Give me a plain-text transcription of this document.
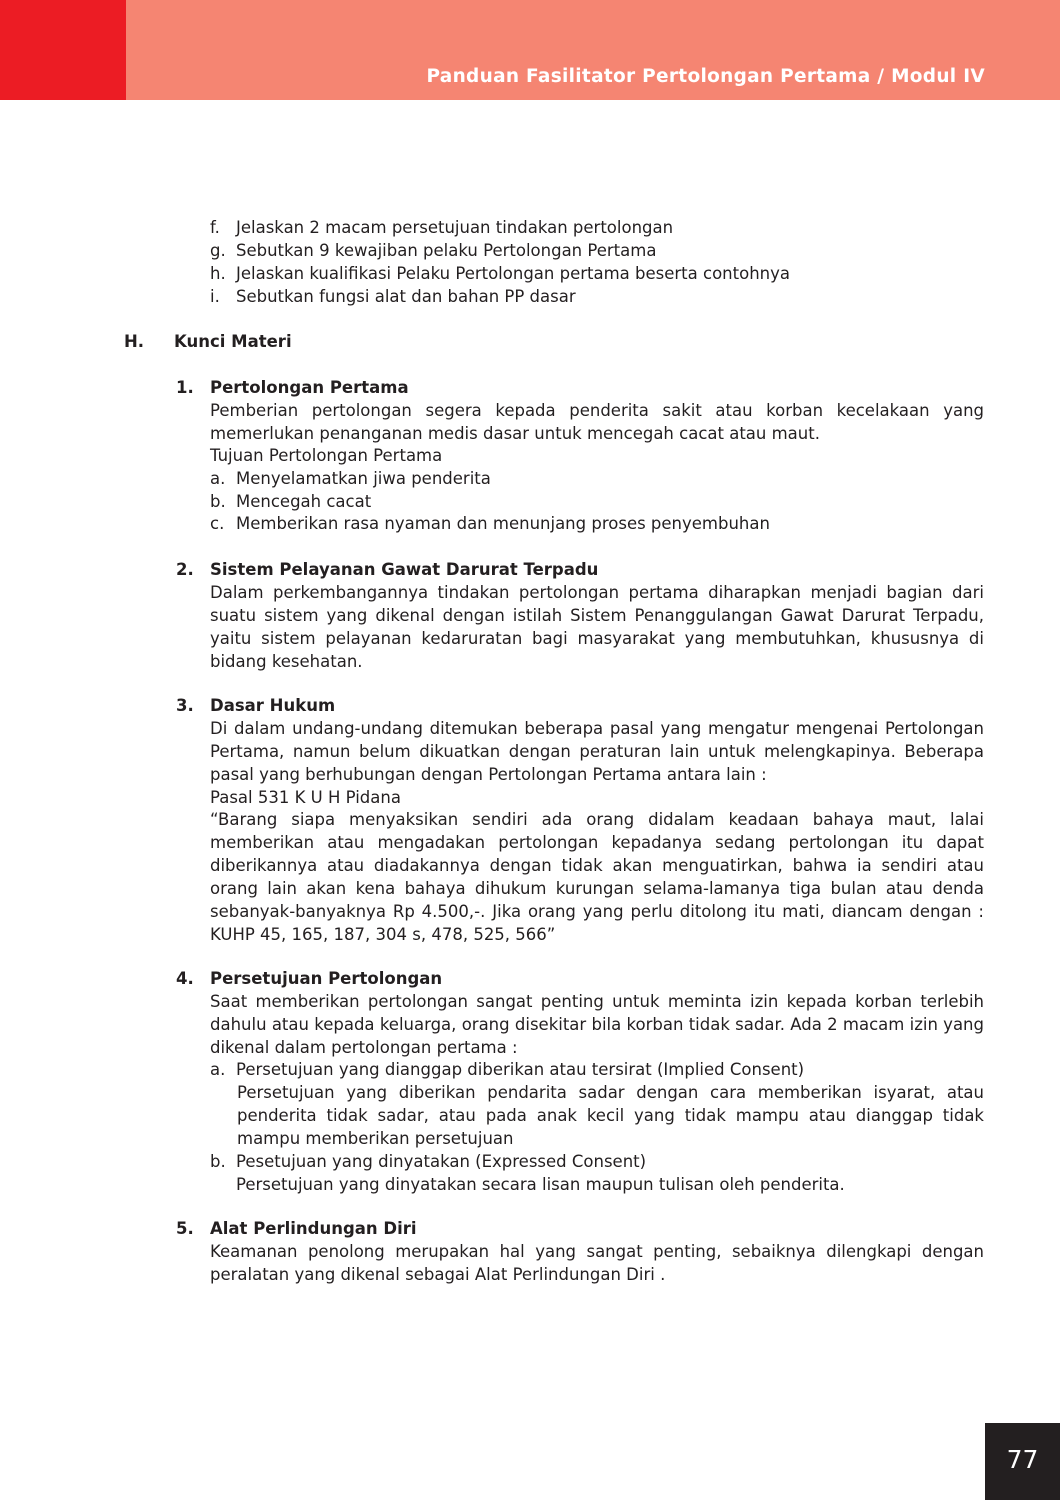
Panduan Fasilitator Pertolongan Pertama / Modul IV
f. Jelaskan 2 macam persetujuan tindakan pertolongan
g. Sebutkan 9 kewajiban pelaku Pertolongan Pertama
h. Jelaskan kualifikasi Pelaku Pertolongan pertama beserta contohnya
i. Sebutkan fungsi alat dan bahan PP dasar
H. Kunci Materi
1. Pertolongan Pertama
Pemberian pertolongan segera kepada penderita sakit atau korban kecelakaan yang memerlukan penanganan medis dasar untuk mencegah cacat atau maut.
Tujuan Pertolongan Pertama
a. Menyelamatkan jiwa penderita
b. Mencegah cacat
c. Memberikan rasa nyaman dan menunjang proses penyembuhan
2. Sistem Pelayanan Gawat Darurat Terpadu
Dalam perkembangannya tindakan pertolongan pertama diharapkan menjadi bagian dari suatu sistem yang dikenal dengan istilah Sistem Penanggulangan Gawat Darurat Terpadu, yaitu sistem pelayanan kedaruratan bagi masyarakat yang membutuhkan, khususnya di bidang kesehatan.
3. Dasar Hukum
Di dalam undang-undang ditemukan beberapa pasal yang mengatur mengenai Pertolongan Pertama, namun belum dikuatkan dengan peraturan lain untuk melengkapinya. Beberapa pasal yang berhubungan dengan Pertolongan Pertama antara lain :
Pasal 531 K U H Pidana
“Barang siapa menyaksikan sendiri ada orang didalam keadaan bahaya maut, lalai memberikan atau mengadakan pertolongan kepadanya sedang pertolongan itu dapat diberikannya atau diadakannya dengan tidak akan menguatirkan, bahwa ia sendiri atau orang lain akan kena bahaya dihukum kurungan selama-lamanya tiga bulan atau denda sebanyak-banyaknya Rp 4.500,-. Jika orang yang perlu ditolong itu mati, diancam dengan : KUHP 45, 165, 187, 304 s, 478, 525, 566”
4. Persetujuan Pertolongan
Saat memberikan pertolongan sangat penting untuk meminta izin kepada korban terlebih dahulu atau kepada keluarga, orang disekitar bila korban tidak sadar. Ada 2 macam izin yang dikenal dalam pertolongan pertama :
a. Persetujuan yang dianggap diberikan atau tersirat (Implied Consent)
Persetujuan yang diberikan pendarita sadar dengan cara memberikan isyarat, atau penderita tidak sadar, atau pada anak kecil yang tidak mampu atau dianggap tidak mampu memberikan persetujuan
b. Pesetujuan yang dinyatakan (Expressed Consent)
Persetujuan yang dinyatakan secara lisan maupun tulisan oleh penderita.
5. Alat Perlindungan Diri
Keamanan penolong merupakan hal yang sangat penting, sebaiknya dilengkapi dengan peralatan yang dikenal sebagai Alat Perlindungan Diri .
77
